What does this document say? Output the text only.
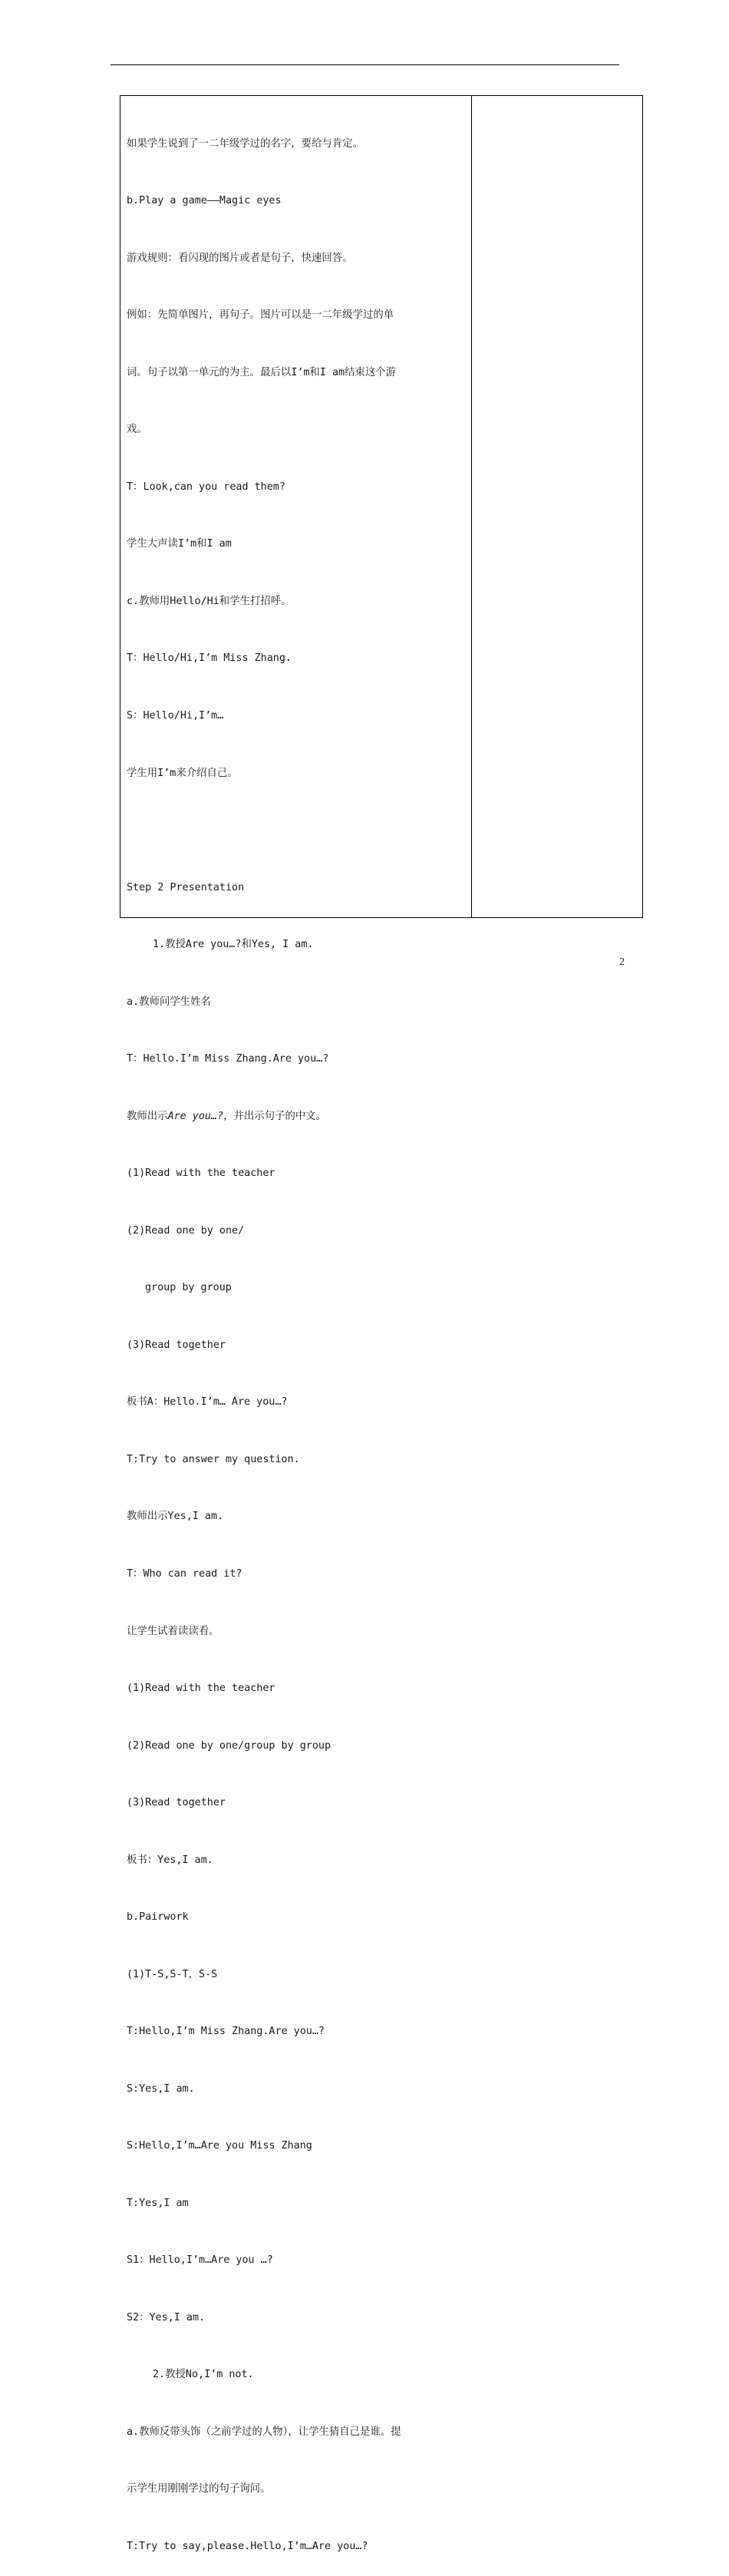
如果学生说到了一二年级学过的名字，要给与肯定。

b.Play a game——Magic eyes

游戏规则：看闪现的图片或者是句子，快速回答。

例如：先简单图片，再句子。图片可以是一二年级学过的单

词。句子以第一单元的为主。最后以I’m和I am结束这个游

戏。

T：Look,can you read them?

学生大声读I’m和I am

c.教师用Hello/Hi和学生打招呼。

T：Hello/Hi,I’m Miss Zhang.

S：Hello/Hi,I’m…

学生用I’m来介绍自己。

Step 2 Presentation

1.教授Are you…?和Yes, I am.

a.教师问学生姓名

T：Hello.I’m Miss Zhang.Are you…?

教师出示Are you…?，并出示句子的中文。

(1)Read with the teacher

(2)Read one by one/

group by group

(3)Read together

板书A：Hello.I’m… Are you…?

T:Try to answer my question.

教师出示Yes,I am.

T：Who can read it?

让学生试着读读看。

(1)Read with the teacher

(2)Read one by one/group by group

(3)Read together

板书：Yes,I am.

b.Pairwork

(1)T-S,S-T，S-S

T:Hello,I’m Miss Zhang.Are you…?

S:Yes,I am.

S:Hello,I’m…Are you Miss Zhang

T:Yes,I am

S1：Hello,I’m…Are you …?

S2：Yes,I am.

2.教授No,I’m not.

a.教师反带头饰（之前学过的人物），让学生猜自己是谁。提

示学生用刚刚学过的句子询问。

T:Try to say,please.Hello,I’m…Are you…?

2
